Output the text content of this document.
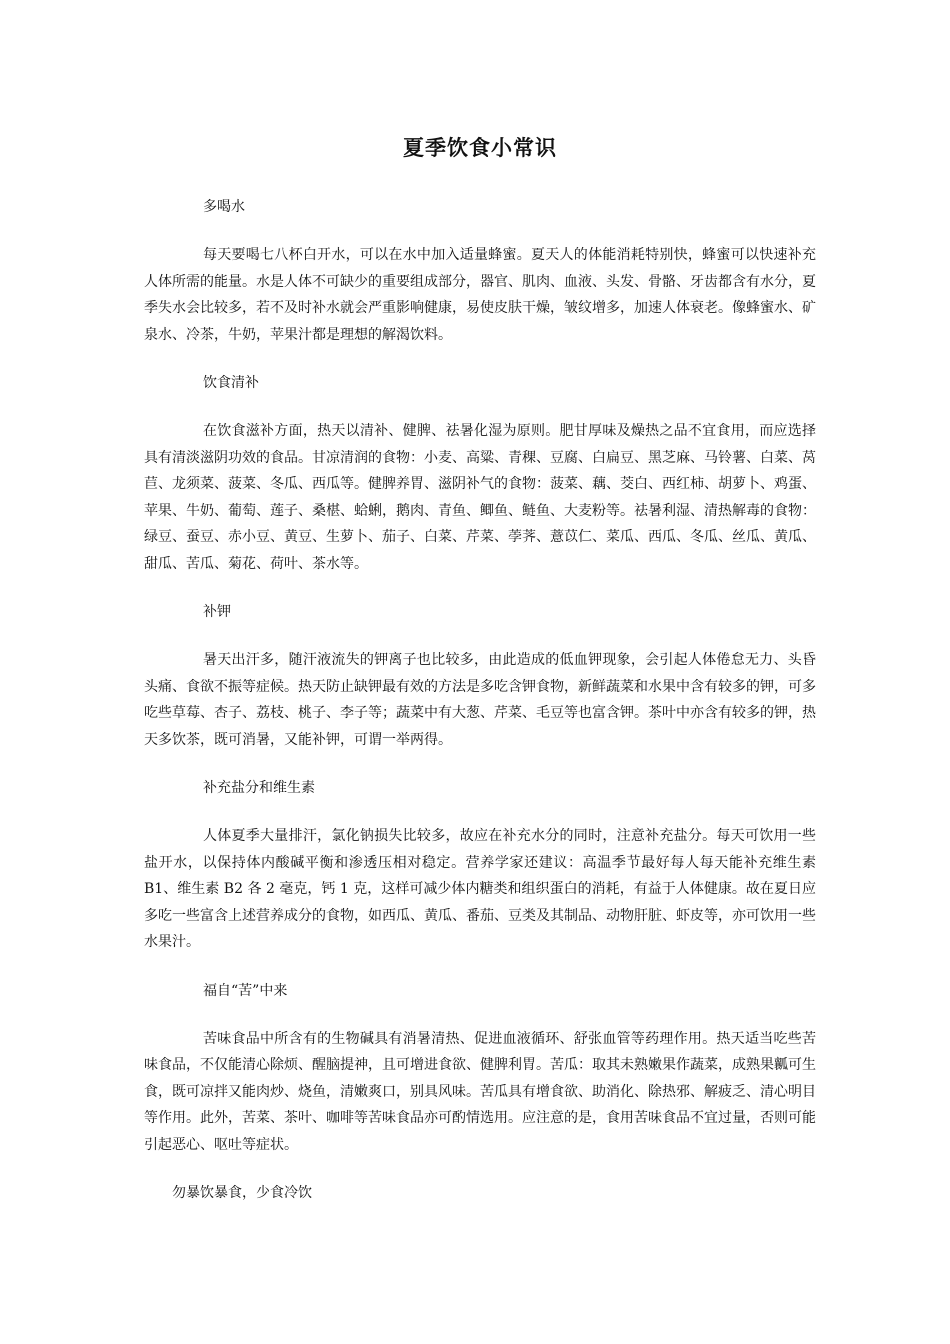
夏季饮食小常识
多喝水

每天要喝七八杯白开水，可以在水中加入适量蜂蜜。夏天人的体能消耗特别快，蜂蜜可以快速补充人体所需的能量。水是人体不可缺少的重要组成部分，器官、肌肉、血液、头发、骨骼、牙齿都含有水分，夏季失水会比较多，若不及时补水就会严重影响健康，易使皮肤干燥，皱纹增多，加速人体衰老。像蜂蜜水、矿泉水、冷茶，牛奶，苹果汁都是理想的解渴饮料。

饮食清补

在饮食滋补方面，热天以清补、健脾、祛暑化湿为原则。肥甘厚味及燥热之品不宜食用，而应选择具有清淡滋阴功效的食品。甘凉清润的食物：小麦、高粱、青稞、豆腐、白扁豆、黑芝麻、马铃薯、白菜、莴苣、龙须菜、菠菜、冬瓜、西瓜等。健脾养胃、滋阴补气的食物：菠菜、藕、茭白、西红柿、胡萝卜、鸡蛋、苹果、牛奶、葡萄、莲子、桑椹、蛤蜊，鹅肉、青鱼、鲫鱼、鲢鱼、大麦粉等。祛暑利湿、清热解毒的食物：绿豆、蚕豆、赤小豆、黄豆、生萝卜、茄子、白菜、芹菜、荸荠、薏苡仁、菜瓜、西瓜、冬瓜、丝瓜、黄瓜、甜瓜、苦瓜、菊花、荷叶、茶水等。

补钾

暑天出汗多，随汗液流失的钾离子也比较多，由此造成的低血钾现象，会引起人体倦怠无力、头昏头痛、食欲不振等症候。热天防止缺钾最有效的方法是多吃含钾食物，新鲜蔬菜和水果中含有较多的钾，可多吃些草莓、杏子、荔枝、桃子、李子等；蔬菜中有大葱、芹菜、毛豆等也富含钾。茶叶中亦含有较多的钾，热天多饮茶，既可消暑，又能补钾，可谓一举两得。

补充盐分和维生素

人体夏季大量排汗，氯化钠损失比较多，故应在补充水分的同时，注意补充盐分。每天可饮用一些盐开水，以保持体内酸碱平衡和渗透压相对稳定。营养学家还建议：高温季节最好每人每天能补充维生素 B1、维生素 B2 各 2 毫克，钙 1 克，这样可减少体内糖类和组织蛋白的消耗，有益于人体健康。故在夏日应多吃一些富含上述营养成分的食物，如西瓜、黄瓜、番茄、豆类及其制品、动物肝脏、虾皮等，亦可饮用一些水果汁。

福自“苦”中来

苦味食品中所含有的生物碱具有消暑清热、促进血液循环、舒张血管等药理作用。热天适当吃些苦味食品，不仅能清心除烦、醒脑提神，且可增进食欲、健脾利胃。苦瓜：取其未熟嫩果作蔬菜，成熟果瓤可生食，既可凉拌又能肉炒、烧鱼，清嫩爽口，别具风味。苦瓜具有增食欲、助消化、除热邪、解疲乏、清心明目等作用。此外，苦菜、茶叶、咖啡等苦味食品亦可酌情选用。应注意的是，食用苦味食品不宜过量，否则可能引起恶心、呕吐等症状。

勿暴饮暴食，少食冷饮
